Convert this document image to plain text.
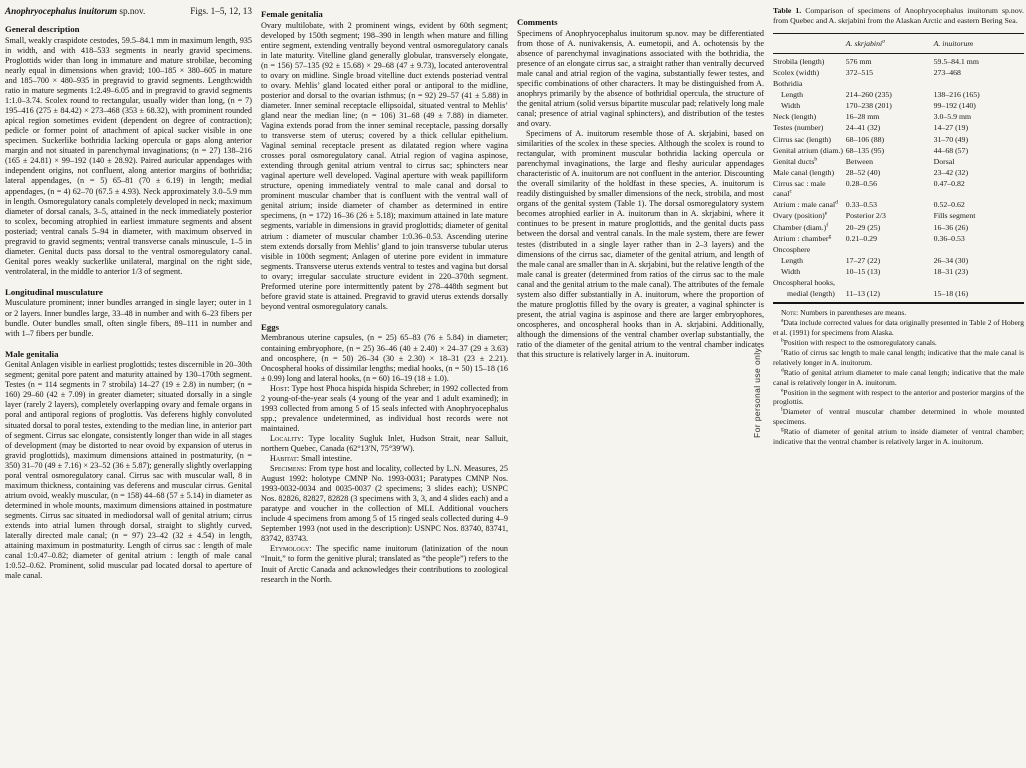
Anophryocephalus inuitorum
sp.nov.	Figs. 1–5, 12, 13
General description

Small, weakly craspidote cestodes, 59.5–84.1 mm in maximum length, 935 in width, and with 418–533 segments in nearly gravid specimens. Proglottids wider than long in immature and mature strobilae, becoming nearly equal in dimensions when gravid; 100–185 × 380–605 in mature and 185–700 × 480–935 in pregravid to gravid segments. Length:width ratio in mature segments 1:2.49–6.05 and in pregravid to gravid segments 1:1.0–3.74. Scolex round to rectangular, usually wider than long, (n = 7) 195–416 (275 ± 84.42) × 273–468 (353 ± 68.32), with prominent rounded apical region sometimes evident (dependent on degree of contraction); pedicle or former point of attachment of apical sucker visible in one specimen. Suckerlike bothridia lacking opercula or gaps along anterior margin and not situated in parenchymal invaginations; (n = 27) 138–216 (165 ± 24.81) × 99–192 (140 ± 28.92). Paired auricular appendages with independent origins, not confluent, along anterior margins of bothridia; lateral appendages, (n = 5) 65–81 (70 ± 6.19) in length; medial appendages, (n = 4) 62–70 (67.5 ± 4.93). Neck approximately 3.0–5.9 mm in length. Osmoregulatory canals completely developed in neck; maximum diameter of dorsal canals, 3–5, attained in the neck immediately posterior to scolex, becoming atrophied in earliest immature segments and absent posteriad; ventral canals 5–94 in diameter, with maximum observed in pregravid to gravid segments; ventral transverse canals minuscule, 1–5 in diameter. Genital ducts pass dorsal to the ventral osmoregulatory canal. Genital pores weakly suckerlike unilateral, marginal on the right side, ventrolateral, in the middle to anterior 1/3 of segment.

Longitudinal musculature

Musculature prominent; inner bundles arranged in single layer; outer in 1 or 2 layers. Inner bundles large, 33–48 in number and with 6–23 fibers per bundle. Outer bundles small, often single fibers, 89–111 in number and with 1–7 fibers per bundle.

Male genitalia

Genital Anlagen visible in earliest proglottids; testes discernible in 20–30th segment; genital pore patent and maturity attained by 130–170th segment. Testes (n = 114 segments in 7 strobila) 14–27 (19 ± 2.8) in number; (n = 160) 29–60 (42 ± 7.09) in greater diameter; situated dorsally in a single layer (rarely 2 layers), completely overlapping ovary and female organs in poral and antiporal regions of proglottis. Vas deferens highly convoluted situated dorsal to poral testes, extending to the median line, in anterior part of segment. Cirrus sac elongate, consistently longer than wide in all stages of development (may be distorted to near ovoid by expansion of uterus in gravid proglottids), maximum dimensions attained in postmaturity, (n = 350) 31–70 (49 ± 7.16) × 23–52 (36 ± 5.87); generally slightly overlapping poral ventral osmoregulatory canal. Cirrus sac with muscular wall, 8 in maximum thickness, containing vas deferens and muscular cirrus. Genital atrium ovoid, weakly muscular, (n = 158) 44–68 (57 ± 5.14) in diameter as determined in whole mounts, maximum dimensions attained in postmature segments. Cirrus sac situated in mediodorsal wall of genital atrium; cirrus extends into atrial lumen through dorsal, straight to slightly curved, laterally directed male canal; (n = 97) 23–42 (32 ± 4.54) in length, attaining maximum in postmaturity. Length of cirrus sac : length of male canal 1:0.47–0.82; diameter of genital atrium : length of male canal 1:0.52–0.62. Prominent, solid muscular pad located dorsal to aperture of male canal.

Female genitalia

Ovary multilobate, with 2 prominent wings, evident by 60th segment; developed by 150th segment; 198–390 in length when mature and filling entire segment, extending ventrally beyond ventral osmoregulatory canals in late maturity. Vitelline gland generally globular, transversely elongate, (n = 156) 57–135 (92 ± 15.68) × 29–68 (47 ± 9.73), located anteroventral to ovary on midline. Single broad vitelline duct extends posteriad ventral to ovary. Mehlis’ gland located either poral or antiporal to the midline, posterior and dorsal to the ovarian isthmus; (n = 92) 29–57 (41 ± 5.88) in diameter. Inner seminal receptacle ellipsoidal, situated ventral to Mehlis’ gland near the median line; (n = 106) 31–68 (49 ± 7.88) in diameter. Vagina extends porad from the inner seminal receptacle, passing dorsally to transverse stem of uterus; covered by a thick cellular epithelium. Vaginal seminal receptacle present as dilatated region where vagina crosses poral osmoregulatory canal. Atrial region of vagina aspinose, extending through genital atrium ventral to cirrus sac; sphincters near vaginal aperture well developed. Vaginal aperture with weak papilliform structure, opening immediately ventral to male canal and dorsal to prominent muscular chamber that is confluent with the ventral wall of genital atrium; inside diameter of chamber as determined in entire specimens, (n = 172) 16–36 (26 ± 5.18); maximum attained in late mature segments, variable in dimensions in gravid proglottids; diameter of genital atrium : diameter of muscular chamber 1:0.36–0.53. Ascending uterine stem extends dorsally from Mehlis’ gland to join transverse tubular uterus visible in 100th segment; Anlagen of uterine pore evident in immature segments. Transverse uterus extends ventral to testes and vagina but dorsal to ovary; irregular sacculate structure evident in 220–370th segment. Preformed uterine pore intermittently patent by 278–448th segment but before gravid state is attained. Pregravid to gravid uterus extends dorsally beyond ventral osmoregulatory canals.

Eggs

Membranous uterine capsules, (n = 25) 65–83 (76 ± 5.84) in diameter; containing embryophore, (n = 25) 36–46 (40 ± 2.40) × 24–37 (29 ± 3.63) and oncosphere, (n = 50) 26–34 (30 ± 2.30) × 18–31 (23 ± 2.21). Oncospheral hooks of dissimilar lengths; medial hooks, (n = 50) 15–18 (16 ± 0.99) long and lateral hooks, (n = 60) 16–19 (18 ± 1.0).

Host: Type host Phoca hispida hispida Schreber; in 1992 collected from 2 young-of-the-year seals (4 young of the year and 1 adult examined); in 1993 collected from among 5 of 15 seals infected with Anophryocephalus spp.; prevalence undetermined, as individual host records were not maintained.

Locality: Type locality Sugluk Inlet, Hudson Strait, near Salluit, northern Quebec, Canada (62°13′N, 75°39′W).

Habitat: Small intestine.

Specimens: From type host and locality, collected by L.N. Measures, 25 August 1992: holotype CMNP No. 1993-0031; Paratypes CMNP Nos. 1993-0032-0034 and 0035-0037 (2 specimens; 3 slides each); USNPC Nos. 82826, 82827, 82828 (3 specimens with 3, 3, and 4 slides each) and a paratype and voucher in the collection of MLI. Additional vouchers include 4 specimens from among 5 of 15 ringed seals collected during 4–9 September 1993 (not used in the description): USNPC Nos. 83740, 83741, 83742, 83743.

Etymology: The specific name inuitorum (latinization of the noun “Inuit,” to form the genitive plural; translated as “the people”) refers to the Inuit of Arctic Canada and acknowledges their contributions to zoological research in the North.

Comments

Specimens of Anophryocephalus inuitorum sp.nov. may be differentiated from those of A. nunivakensis, A. eumetopii, and A. ochotensis by the absence of parenchymal invaginations associated with the bothridia, the presence of an elongate cirrus sac, a straight rather than ventrally decurved male canal and atrial region of the vagina, substantially fewer testes, and specific combinations of other characters. It may be distinguished from A. anophrys primarily by the absence of bothridial opercula, the structure of the genital atrium (solid versus bipartite muscular pad; relatively long male canal; presence of atrial vaginal sphincters), and distribution of the testes and ovary.

Specimens of A. inuitorum resemble those of A. skrjabini, based on similarities of the scolex in these species. Although the scolex is round to rectangular, with prominent muscular bothridia lacking opercula or parenchymal invaginations, the large and fleshy auricular appendages characteristic of A. inuitorum are not confluent in the anterior. Discounting the overall similarity of the holdfast in these species, A. inuitorum is readily distinguished by smaller dimensions of the neck, strobila, and most organs of the genital system (Table 1). The dorsal osmoregulatory system becomes atrophied earlier in A. inuitorum than in A. skrjabini, where it continues to be present in mature proglottids, and the genital ducts pass between the dorsal and ventral canals. In the male system, there are fewer testes (distributed in a single layer rather than in 2–3 layers) and the dimensions of the cirrus sac, diameter of the genital atrium, and length of the male canal are smaller than in A. skrjabini, but the relative length of the male canal is greater (determined from ratios of the cirrus sac to the male canal and the genital atrium to the male canal). The attributes of the female system also differ substantially in A. inuitorum, where the proportion of the mature proglottis filled by the ovary is greater, a vaginal sphincter is present, the atrial vagina is aspinose and there are larger embryophores, oncospheres, and oncospheral hooks than in A. skrjabini. Additionally, although the dimensions of the ventral chamber overlap substantially, the ratio of the diameter of the genital atrium to the ventral chamber indicates that this structure is relatively larger in A. inuitorum.

Table 1. Comparison of specimens of Anophryocephalus inuitorum sp.nov. from Quebec and A. skrjabini from the Alaskan Arctic and eastern Bering Sea.

	A. skrjabini$^a$	A. inuitorum
Strobila (length)	576 mm	59.5–84.1 mm
Scolex (width)	372–515	273–468
Bothridia		
Length	214–260 (235)	138–216 (165)
Width	170–238 (201)	99–192 (140)
Neck (length)	16–28 mm	3.0–5.9 mm
Testes (number)	24–41 (32)	14–27 (19)
Cirrus sac (length)	68–106 (88)	31–70 (49)
Genital atrium (diam.)	68–135 (95)	44–68 (57)
Genital ducts$^b$	Between	Dorsal
Male canal (length)	28–52 (40)	23–42 (32)
Cirrus sac : male canal$^c$	0.28–0.56	0.47–0.82
Atrium : male canal$^d$	0.33–0.53	0.52–0.62
Ovary (position)$^e$	Posterior 2/3	Fills segment
Chamber (diam.)$^f$	20–29 (25)	16–36 (26)
Atrium : chamber$^g$	0.21–0.29	0.36–0.53
Oncosphere		
Length	17–27 (22)	26–34 (30)
Width	10–15 (13)	18–31 (23)
Oncospheral hooks,		
medial (length)	11–13 (12)	15–18 (16)

Note: Numbers in parentheses are means.

$^a$Data include corrected values for data originally presented in Table 2 of Hoberg et al. (1991) for specimens from Alaska.

$^b$Position with respect to the osmoregulatory canals.

$^c$Ratio of cirrus sac length to male canal length; indicative that the male canal is relatively longer in A. inuitorum.

$^d$Ratio of genital atrium diameter to male canal length; indicative that the male canal is relatively longer in A. inuitorum.

$^e$Position in the segment with respect to the anterior and posterior margins of the proglottis.

$^f$Diameter of ventral muscular chamber determined in whole mounted specimens.

$^g$Ratio of diameter of genital atrium to inside diameter of ventral chamber; indicative that the ventral chamber is relatively larger in A. inuitorum.

For personal use only.
